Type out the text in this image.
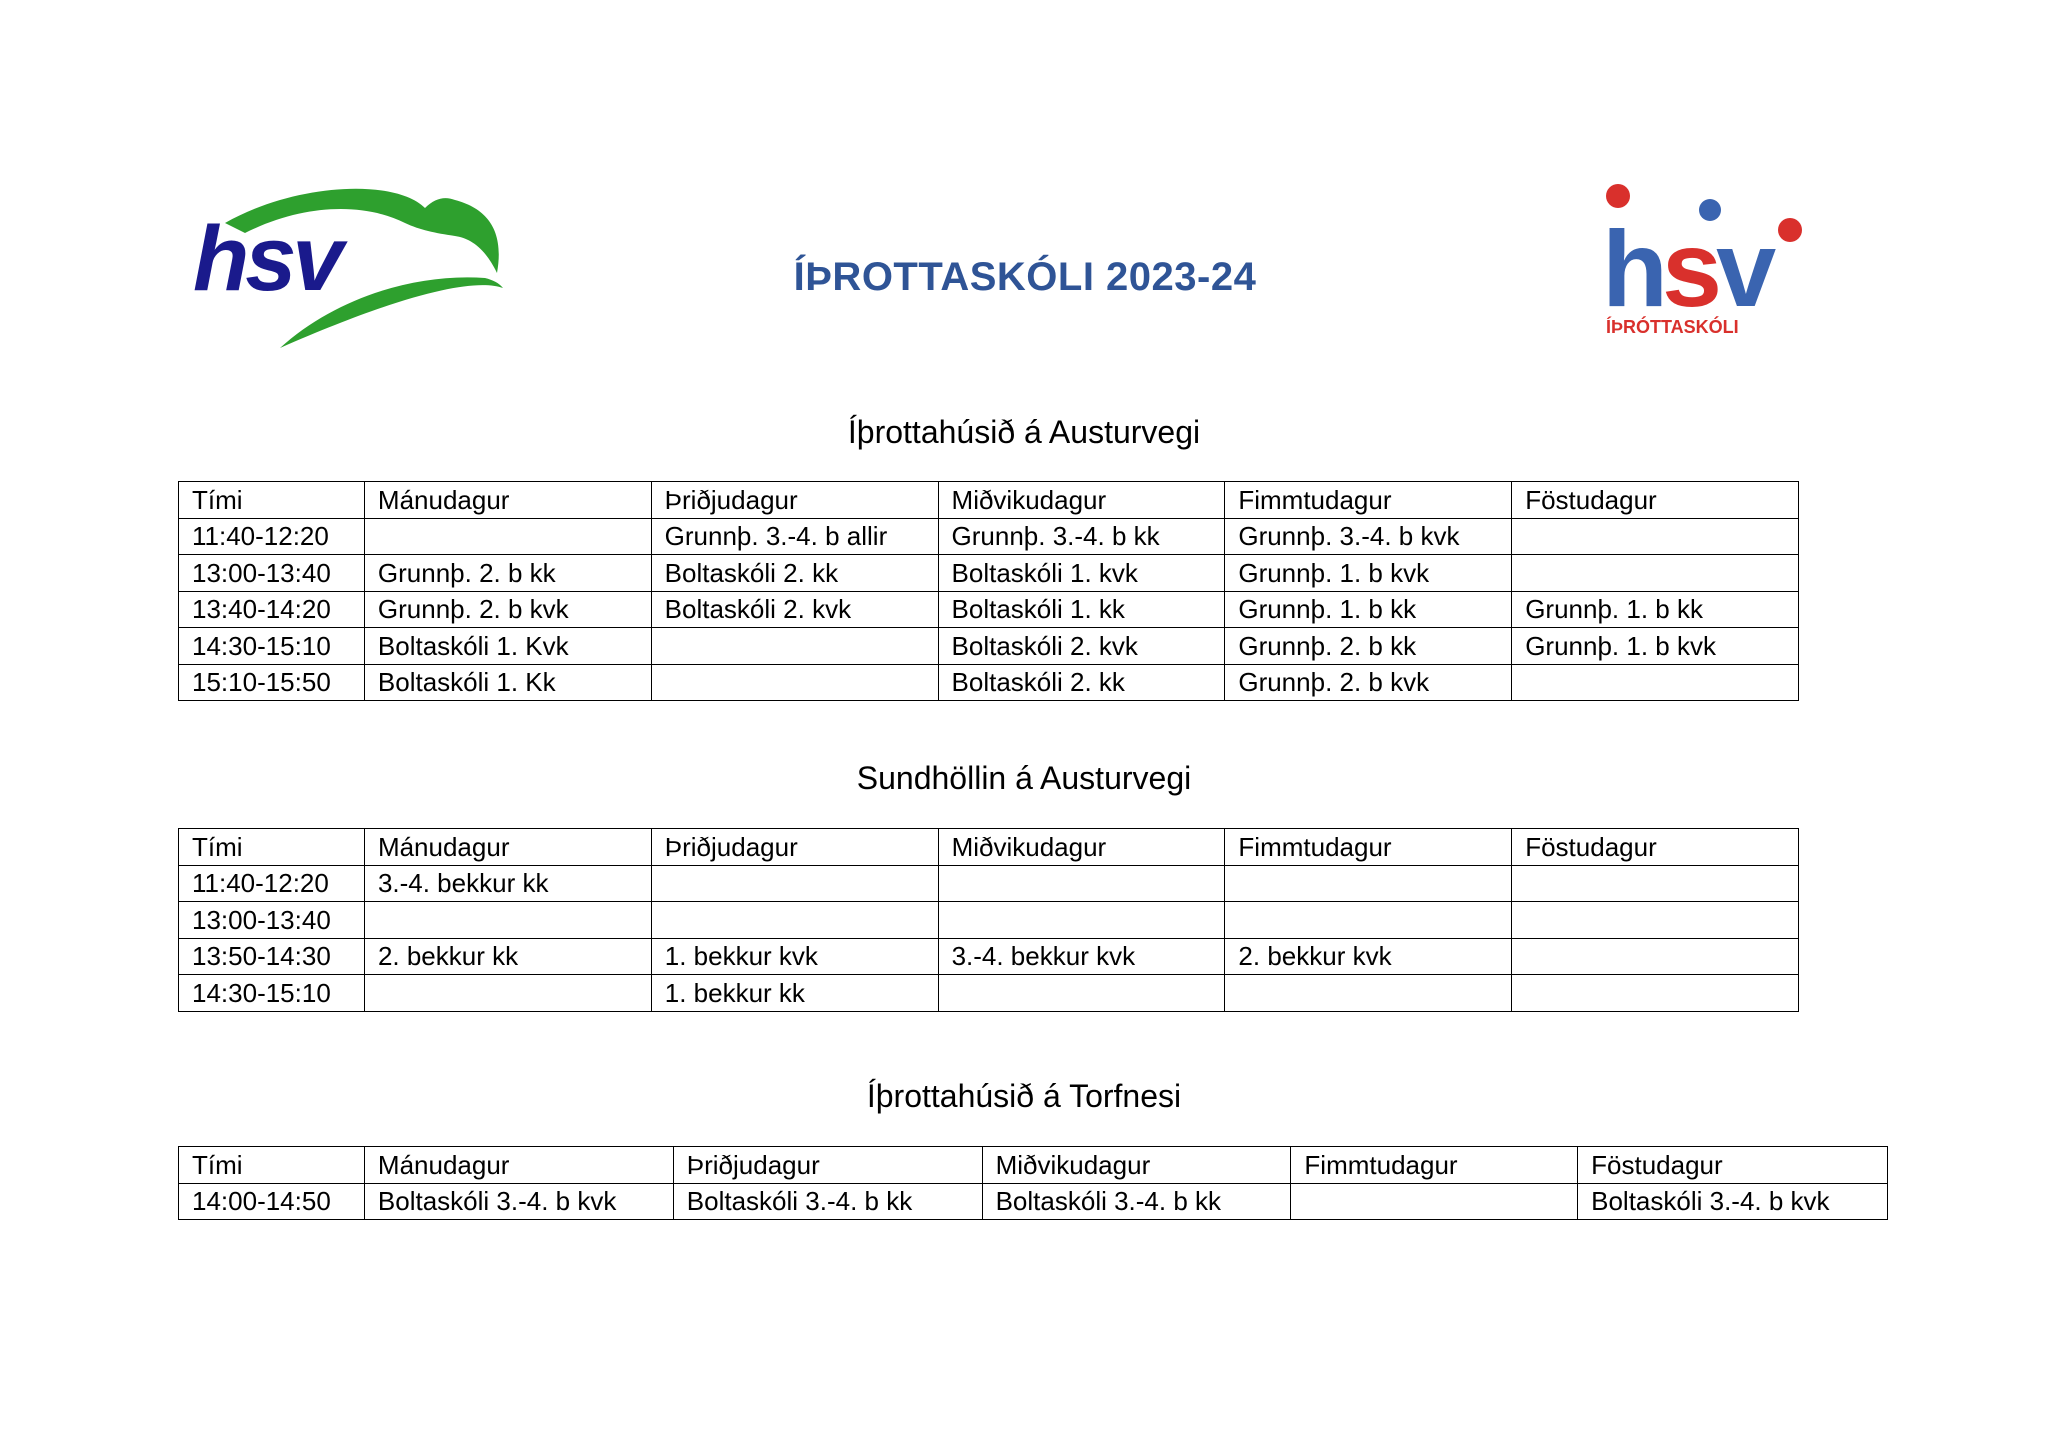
hsv	ÍÞROTTASKÓLI 2023-24	hsv
ÍÞRÓTTASKÓLI
Íþrottahúsið á Austurvegi
Tími	Mánudagur	Þriðjudagur	Miðvikudagur	Fimmtudagur	Föstudagur
11:40-12:20		Grunnþ. 3.-4. b allir	Grunnþ. 3.-4. b kk	Grunnþ. 3.-4. b kvk	
13:00-13:40	Grunnþ. 2. b kk	Boltaskóli 2. kk	Boltaskóli 1. kvk	Grunnþ. 1. b kvk	
13:40-14:20	Grunnþ. 2. b kvk	Boltaskóli 2. kvk	Boltaskóli 1. kk	Grunnþ. 1. b kk	Grunnþ. 1. b kk
14:30-15:10	Boltaskóli 1. Kvk		Boltaskóli 2. kvk	Grunnþ. 2. b kk	Grunnþ. 1. b kvk
15:10-15:50	Boltaskóli 1. Kk		Boltaskóli 2. kk	Grunnþ. 2. b kvk	
Sundhöllin á Austurvegi
Tími	Mánudagur	Þriðjudagur	Miðvikudagur	Fimmtudagur	Föstudagur
11:40-12:20	3.-4. bekkur kk				
13:00-13:40					
13:50-14:30	2. bekkur kk	1. bekkur kvk	3.-4. bekkur kvk	2. bekkur kvk	
14:30-15:10		1. bekkur kk			
Íþrottahúsið á Torfnesi
Tími	Mánudagur	Þriðjudagur	Miðvikudagur	Fimmtudagur	Föstudagur
14:00-14:50	Boltaskóli 3.-4. b kvk	Boltaskóli 3.-4. b kk	Boltaskóli 3.-4. b kk		Boltaskóli 3.-4. b kvk
